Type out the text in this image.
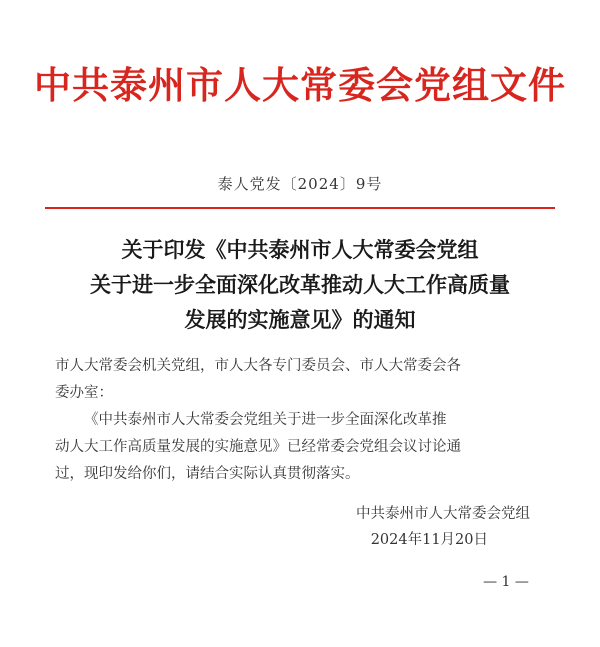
中共泰州市人大常委会党组文件
泰人党发〔2024〕9号
关于印发《中共泰州市人大常委会党组
关于进一步全面深化改革推动人大工作高质量
发展的实施意见》的通知

市人大常委会机关党组，市人大各专门委员会、市人大常委会各

委办室：

《中共泰州市人大常委会党组关于进一步全面深化改革推

动人大工作高质量发展的实施意见》已经常委会党组会议讨论通

过，现印发给你们，请结合实际认真贯彻落实。

中共泰州市人大常委会党组
2024年11月20日
— 1 —
